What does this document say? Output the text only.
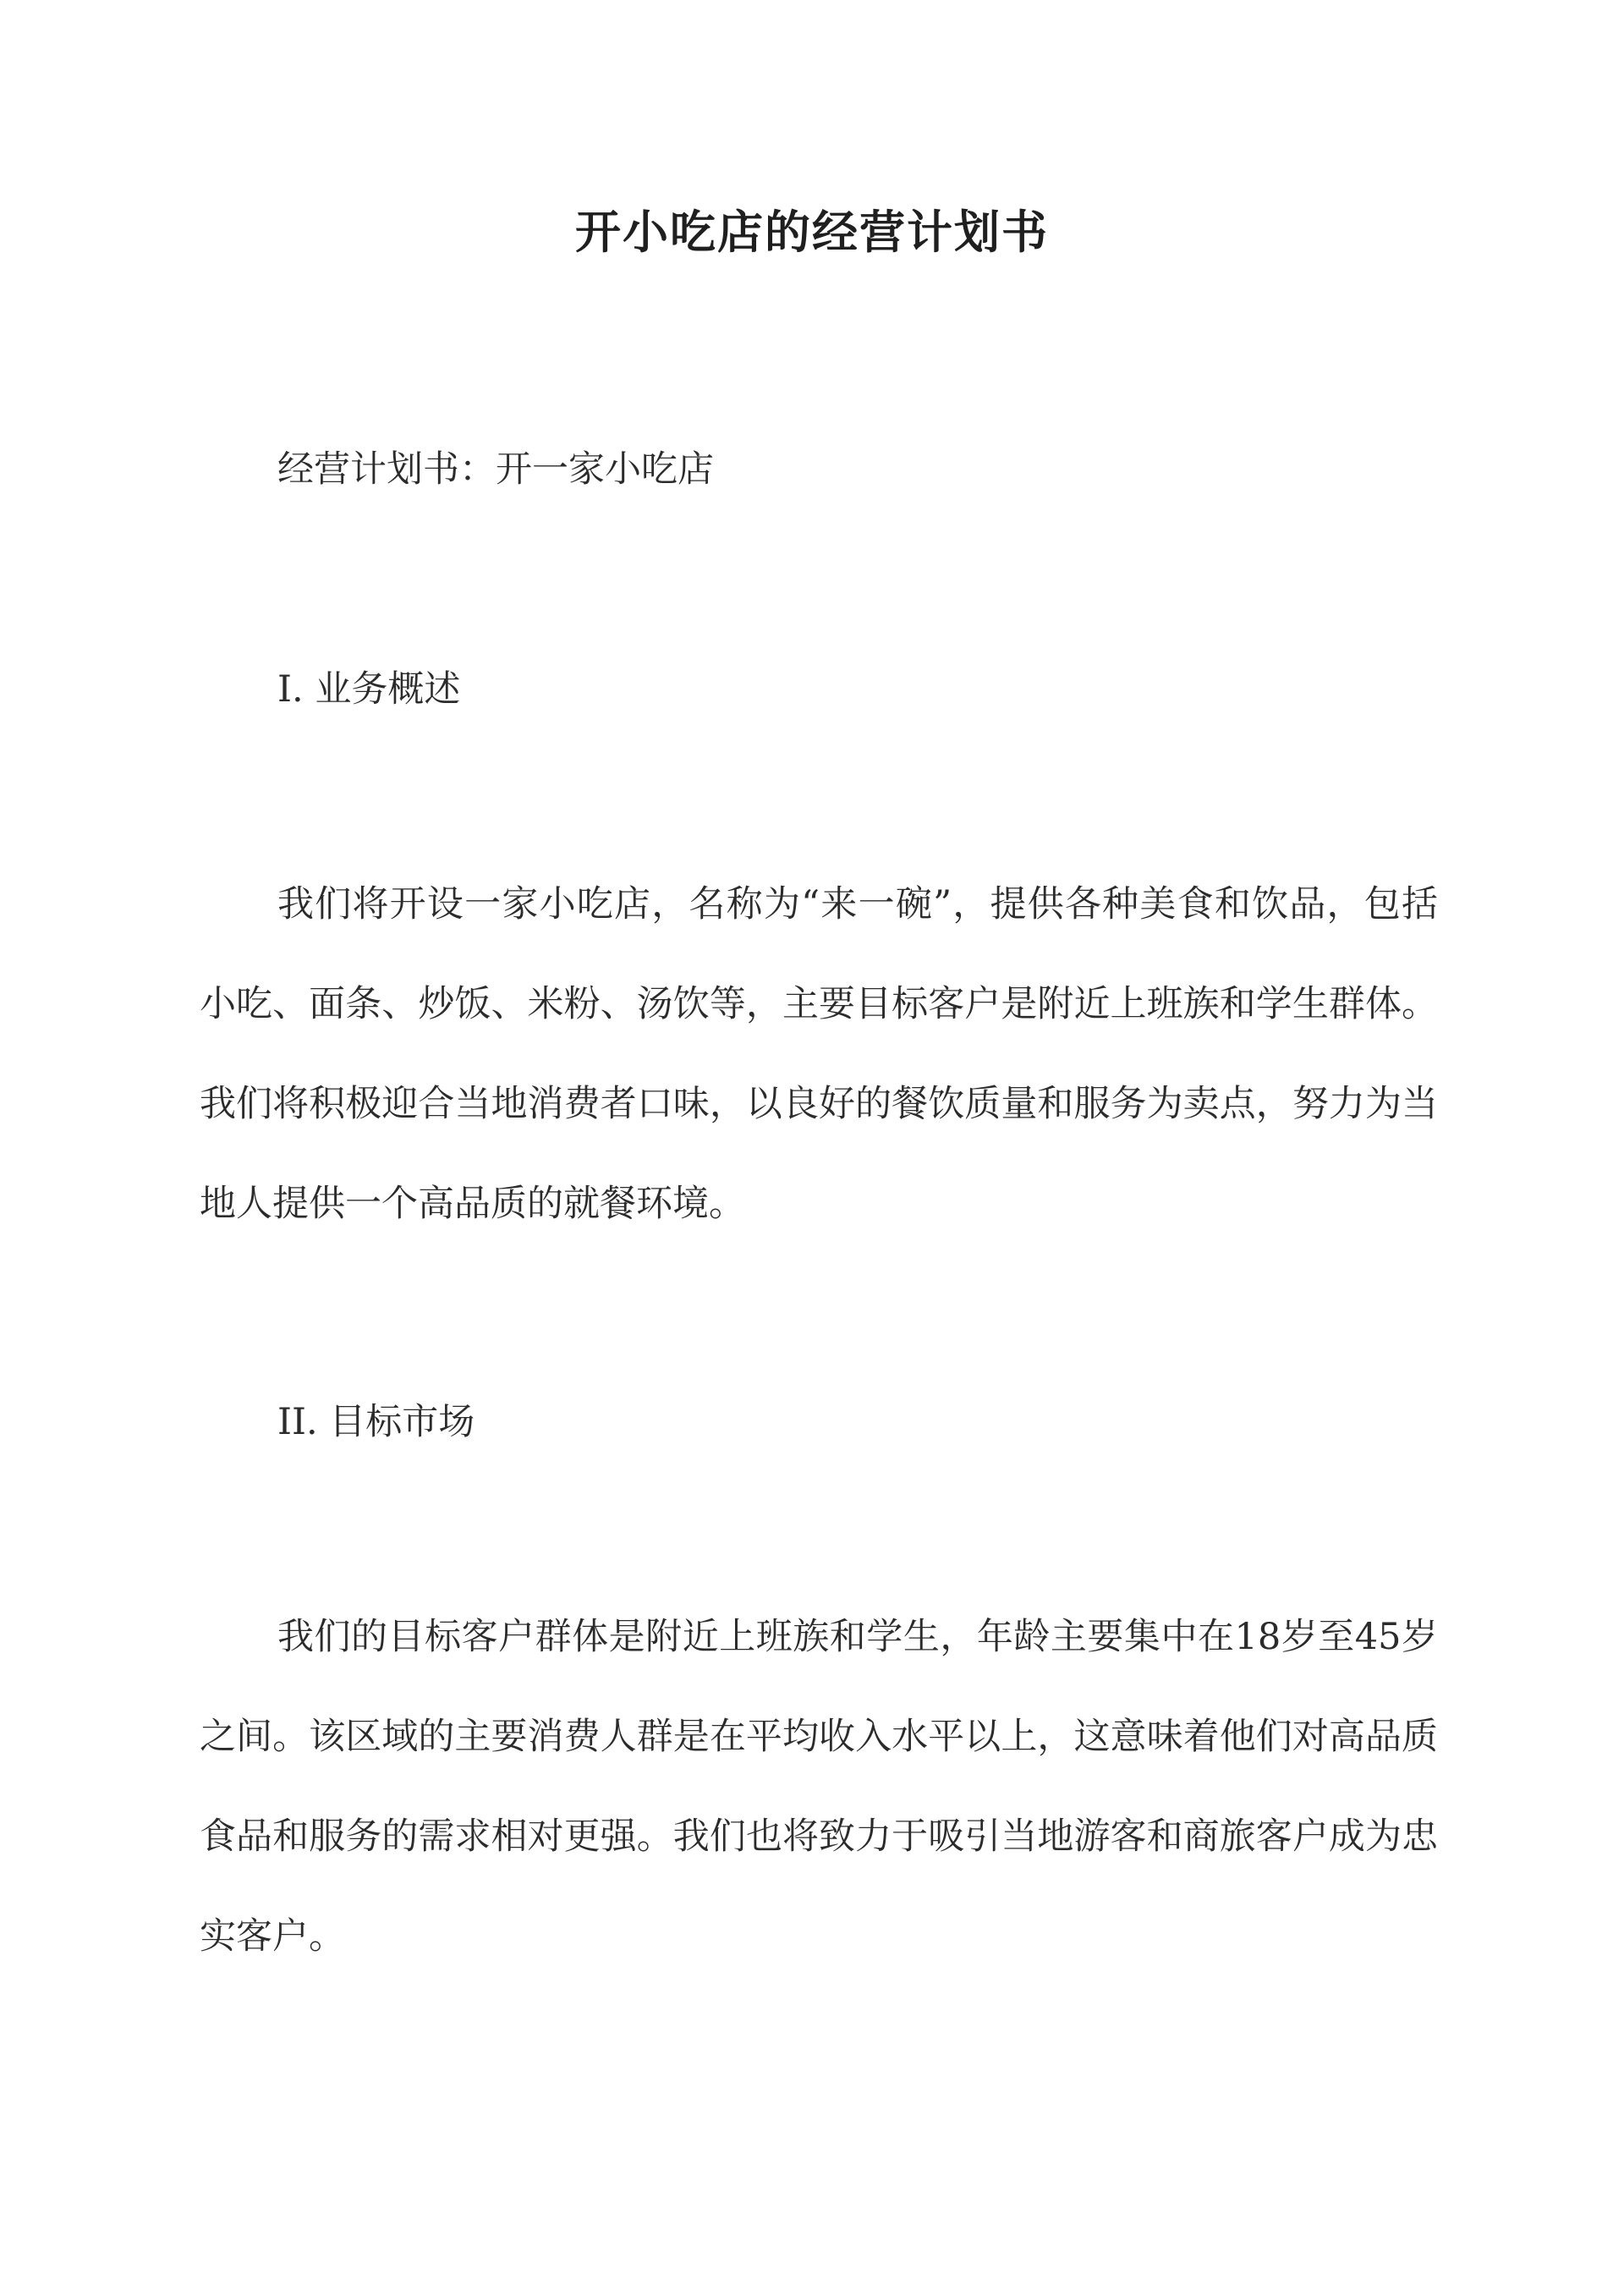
开小吃店的经营计划书
经营计划书：开一家小吃店
I. 业务概述
我们将开设一家小吃店，名称为“来一碗”，提供各种美食和饮品，包括小吃、面条、炒饭、米粉、汤饮等，主要目标客户是附近上班族和学生群体。我们将积极迎合当地消费者口味，以良好的餐饮质量和服务为卖点，努力为当地人提供一个高品质的就餐环境。
II. 目标市场
我们的目标客户群体是附近上班族和学生，年龄主要集中在18岁至45岁之间。该区域的主要消费人群是在平均收入水平以上，这意味着他们对高品质食品和服务的需求相对更强。我们也将致力于吸引当地游客和商旅客户成为忠实客户。
